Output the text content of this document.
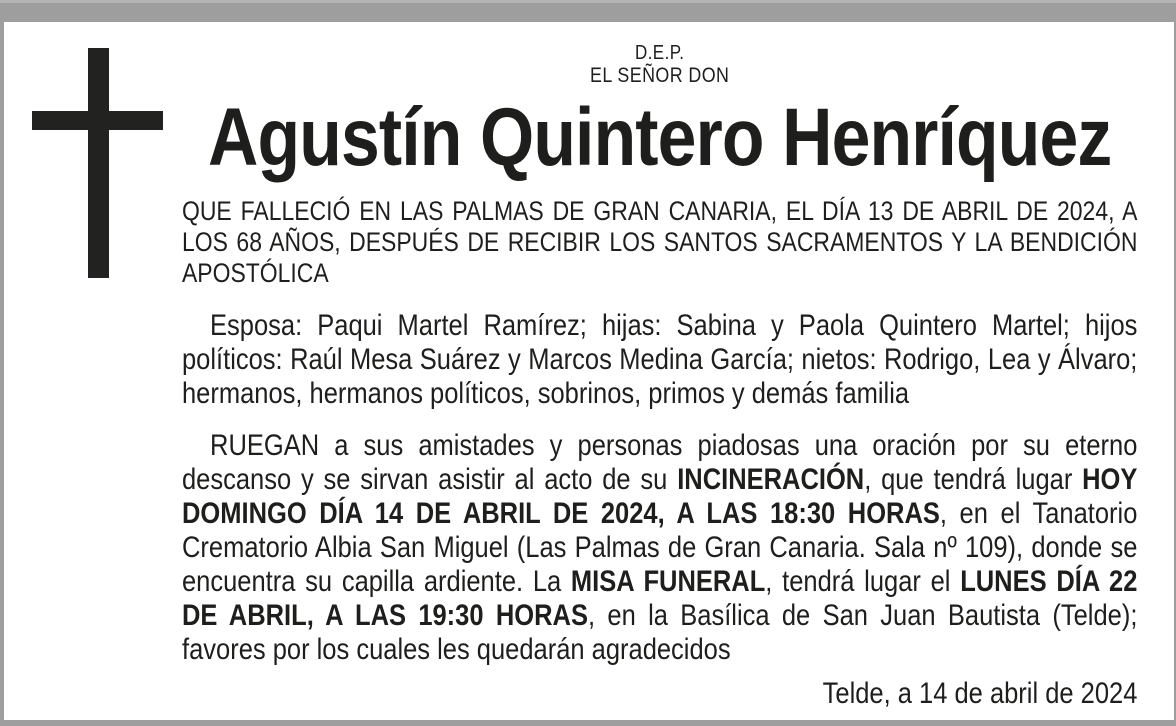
D.E.P.
EL SEÑOR DON
Agustín Quintero Henríquez

QUE FALLECIÓ EN LAS PALMAS DE GRAN CANARIA, EL DÍA 13 DE ABRIL DE 2024, A LOS 68 AÑOS, DESPUÉS DE RECIBIR LOS SANTOS SACRAMENTOS Y LA BENDICIÓN APOSTÓLICA

Esposa: Paqui Martel Ramírez; hijas: Sabina y Paola Quintero Martel; hijos políticos: Raúl Mesa Suárez y Marcos Medina García; nietos: Rodrigo, Lea y Álvaro; hermanos, hermanos políticos, sobrinos, primos y demás familia

RUEGAN a sus amistades y personas piadosas una oración por su eterno descanso y se sirvan asistir al acto de su INCINERACIÓN, que tendrá lugar HOY DOMINGO DÍA 14 DE ABRIL DE 2024, A LAS 18:30 HORAS, en el Tanatorio Crematorio Albia San Miguel (Las Palmas de Gran Canaria. Sala nº 109), donde se encuentra su capilla ardiente. La MISA FUNERAL, tendrá lugar el LUNES DÍA 22 DE ABRIL, A LAS 19:30 HORAS, en la Basílica de San Juan Bautista (Telde); favores por los cuales les quedarán agradecidos

Telde, a 14 de abril de 2024
